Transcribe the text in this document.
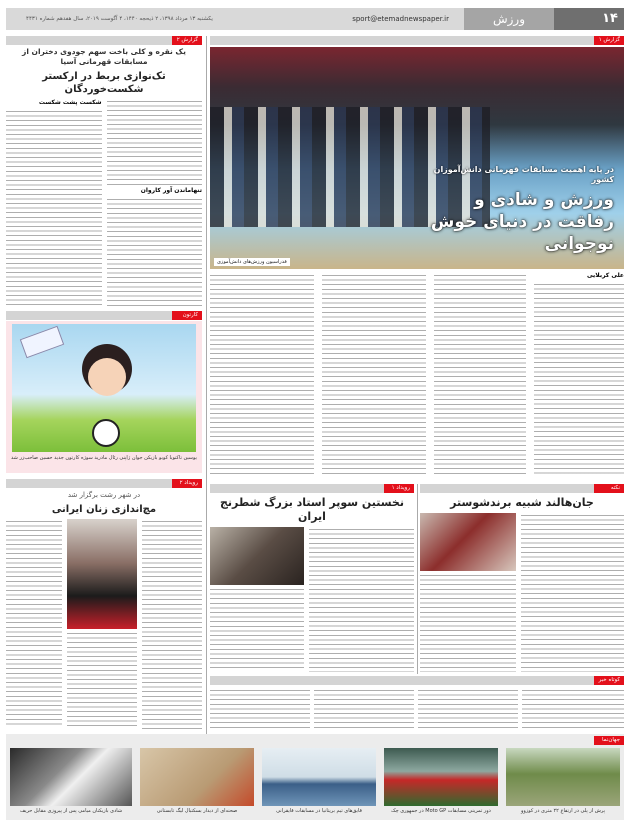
۱۴
ورزش
sport@etemadnewspaper.ir
یکشنبه ۱۳ مرداد ۱۳۹۸، ۲ ذیحجه ۱۴۴۰، ۴ آگوست ۲۰۱۹، سال هفدهم شماره ۴۴۳۱
گزارش ۱
در پایه اهمیت مسابقات قهرمانی دانش‌آموزان کشور
ورزش و شادی و رفاقت در دنیای خوش نوجوانی
فدراسیون ورزش‌های دانش‌آموزی
علی کربلایی
گزارش ۲
یک نقره و کلی باخت سهم جودوی دختران از مسابقات قهرمانی آسیا
تک‌نوازی بربط در ارکستر شکست‌خوردگان
تنهاماندن آور کاروان
شکست پشت شکست
کارتون
یوسین تاکنوبا کوبو بازیکن جوان ژاپنی رئال مادرید سوژه کارتون جدید حسین صاحب‌زر شد
رویداد ۲
در شهر رشت برگزار شد
مچ‌اندازی زنان ایرانی
رویداد ۱
نخستین سوپر استاد بزرگ شطرنج ایران
نکته
جان‌هالند شبیه برندشوستر
کوتاه خبر
جهان‌نما
پرش از پلی در ارتفاع ۲۲ متری در کوزوو
دور تمرینی مسابقات Moto GP در جمهوری چک
قایق‌های تیم بریتانیا در مسابقات قایقرانی
صحنه‌ای از دیدار بسکتبال لیگ تابستانی
شادی بازیکنان میامی پس از پیروزی مقابل حریف
